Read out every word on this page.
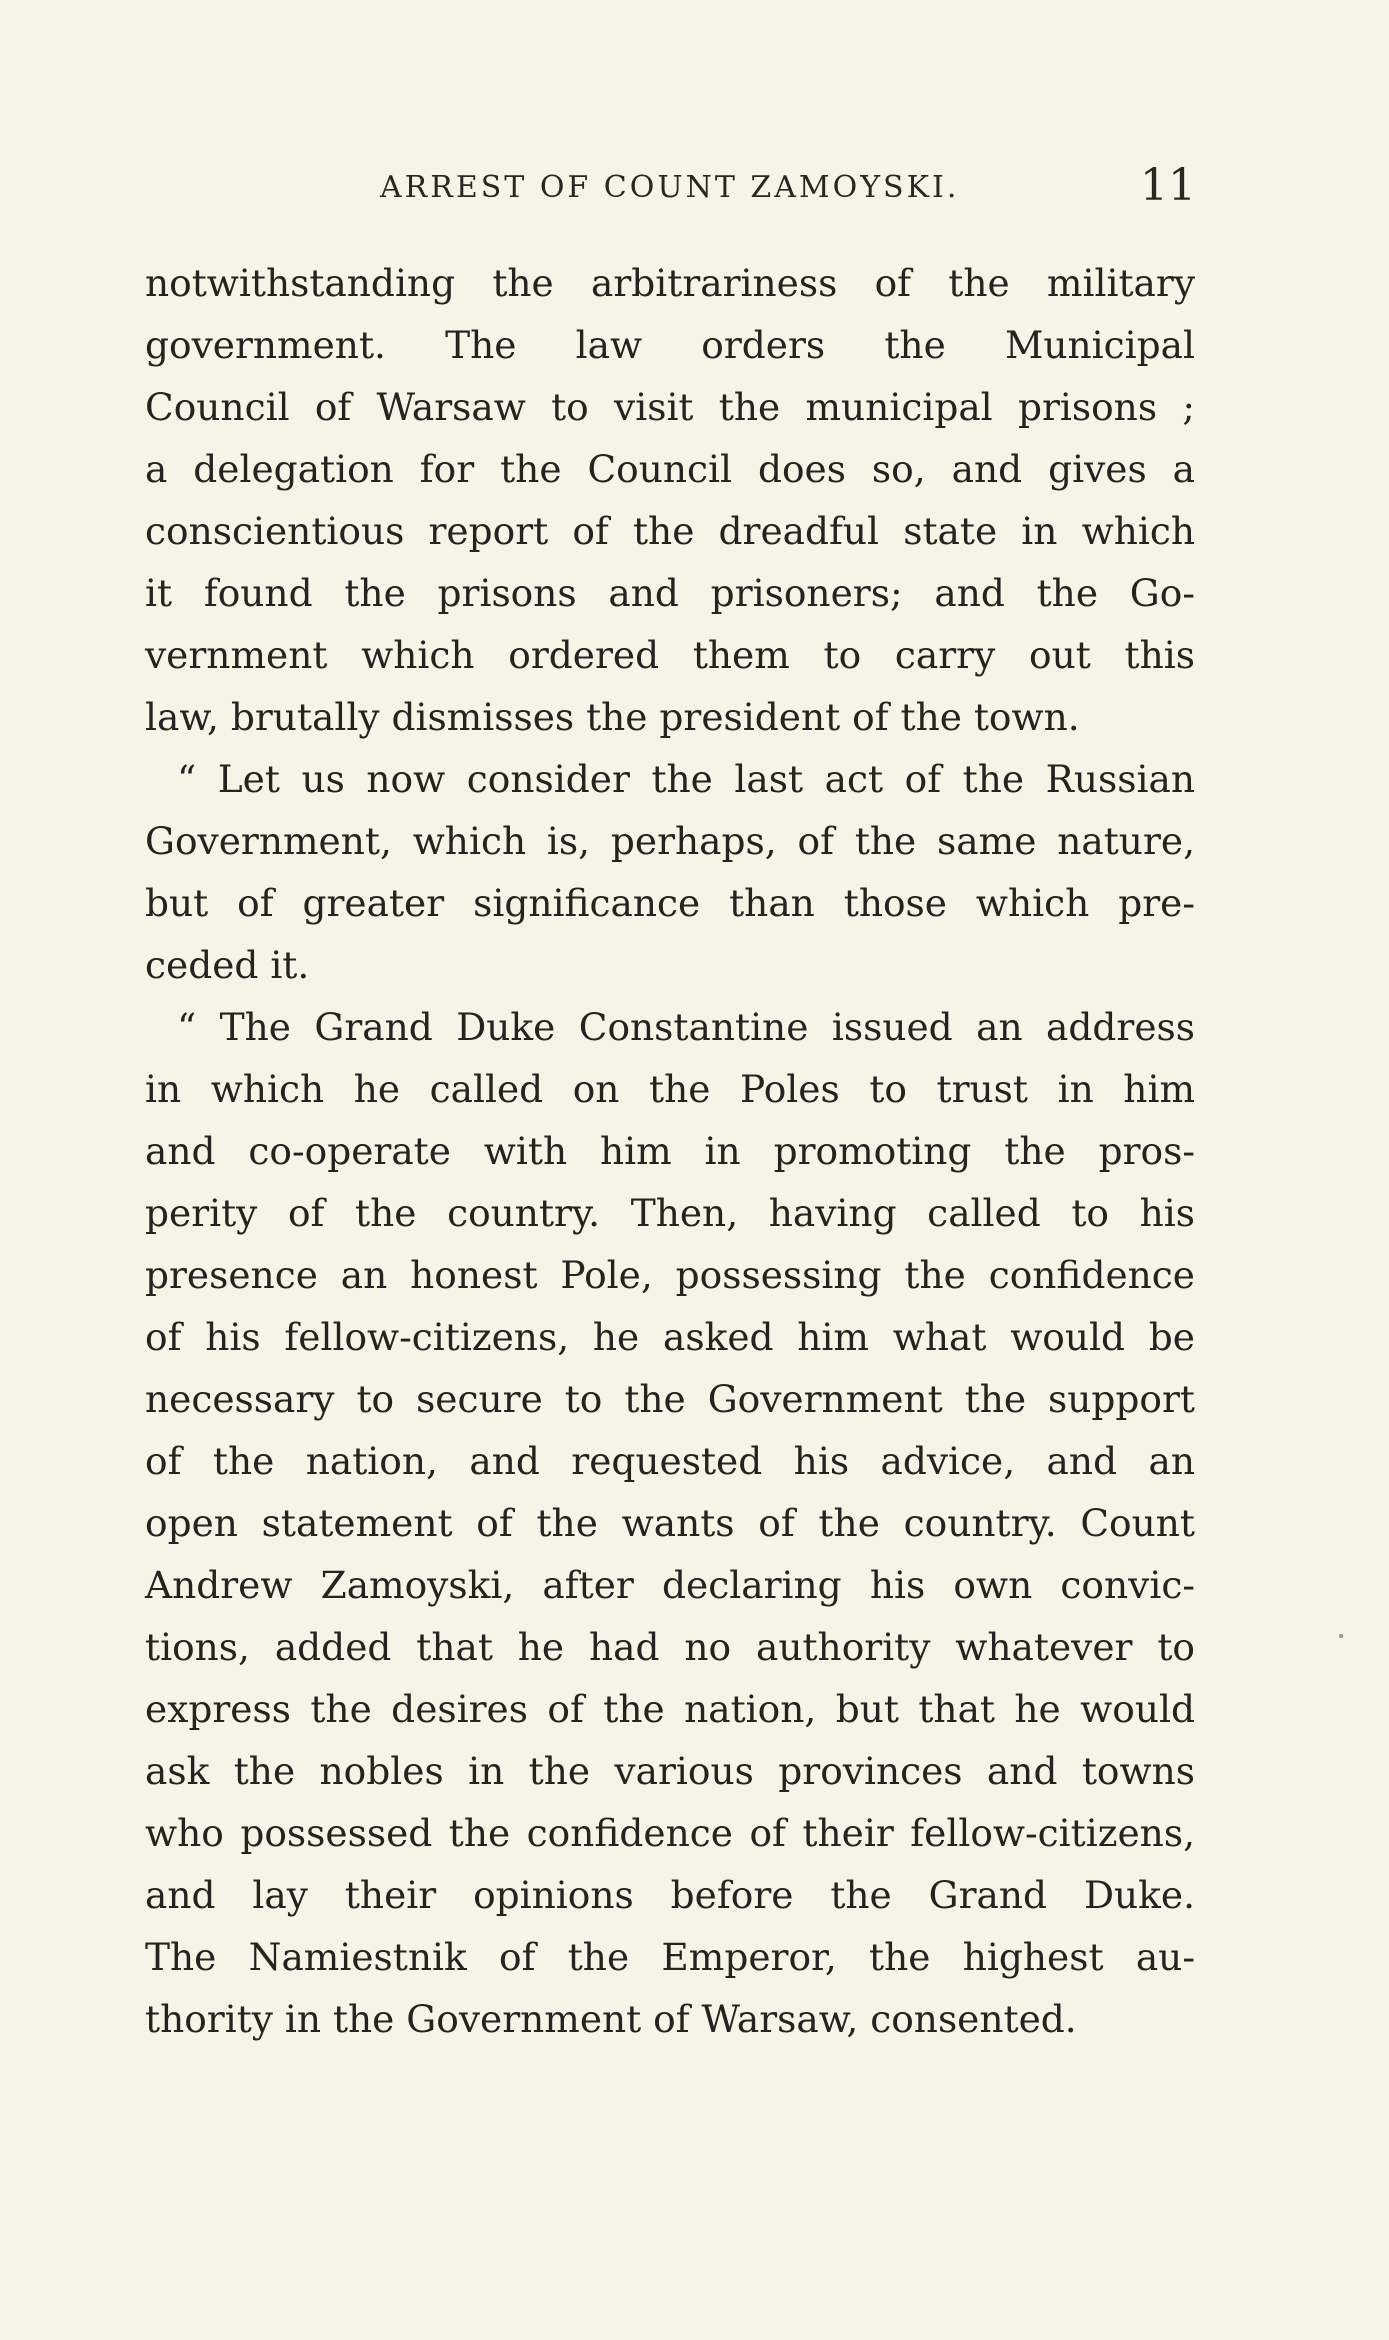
ARREST OF COUNT ZAMOYSKI.	11
notwithstanding the arbitrariness of the military
government. The law orders the Municipal
Council of Warsaw to visit the municipal prisons ;
a delegation for the Council does so, and gives a
conscientious report of the dreadful state in which
it found the prisons and prisoners; and the Go-
vernment which ordered them to carry out this
law, brutally dismisses the president of the town.
“ Let us now consider the last act of the Russian
Government, which is, perhaps, of the same nature,
but of greater significance than those which pre-
ceded it.
“ The Grand Duke Constantine issued an address
in which he called on the Poles to trust in him
and co-operate with him in promoting the pros-
perity of the country. Then, having called to his
presence an honest Pole, possessing the confidence
of his fellow-citizens, he asked him what would be
necessary to secure to the Government the support
of the nation, and requested his advice, and an
open statement of the wants of the country. Count
Andrew Zamoyski, after declaring his own convic-
tions, added that he had no authority whatever to
express the desires of the nation, but that he would
ask the nobles in the various provinces and towns
who possessed the confidence of their fellow-citizens,
and lay their opinions before the Grand Duke.
The Namiestnik of the Emperor, the highest au-
thority in the Government of Warsaw, consented.
